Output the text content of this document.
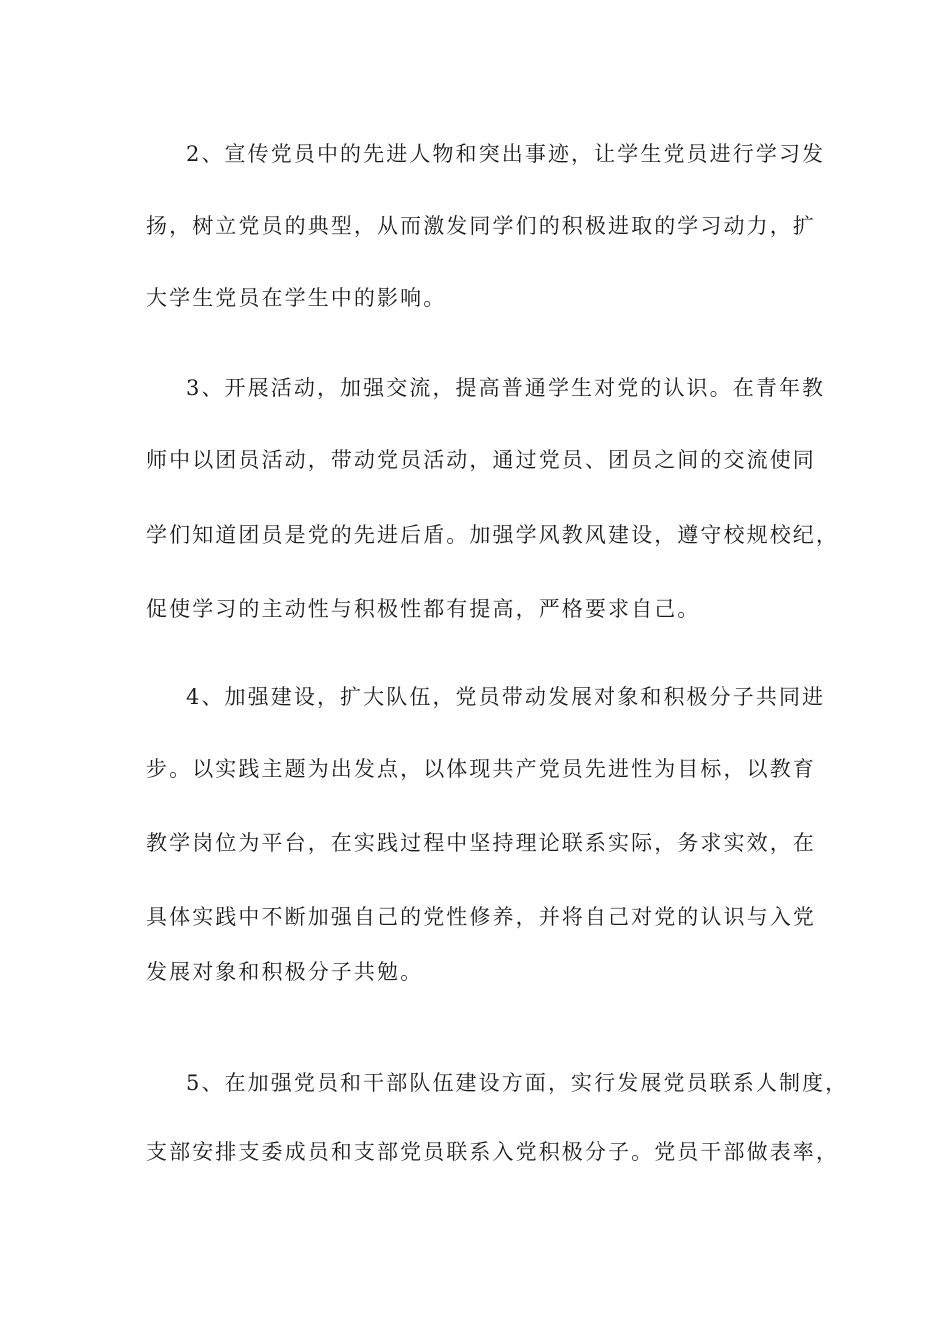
2、宣传党员中的先进人物和突出事迹，让学生党员进行学习发
扬，树立党员的典型，从而激发同学们的积极进取的学习动力，扩
大学生党员在学生中的影响。
3、开展活动，加强交流，提高普通学生对党的认识。在青年教
师中以团员活动，带动党员活动，通过党员、团员之间的交流使同
学们知道团员是党的先进后盾。加强学风教风建设，遵守校规校纪，
促使学习的主动性与积极性都有提高，严格要求自己。
4、加强建设，扩大队伍，党员带动发展对象和积极分子共同进
步。以实践主题为出发点，以体现共产党员先进性为目标，以教育
教学岗位为平台，在实践过程中坚持理论联系实际，务求实效，在
具体实践中不断加强自己的党性修养，并将自己对党的认识与入党
发展对象和积极分子共勉。
5、在加强党员和干部队伍建设方面，实行发展党员联系人制度，
支部安排支委成员和支部党员联系入党积极分子。党员干部做表率，
